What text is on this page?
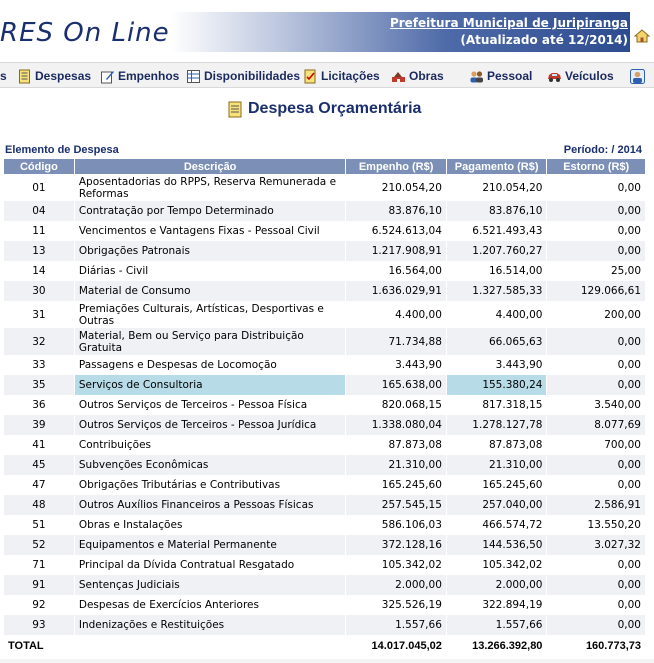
RES On Line	Prefeitura Municipal de Juripiranga
(Atualizado até 12/2014)
s Despesas Empenhos Disponibilidades Licitações Obras	Pessoal	Veículos
Despesa Orçamentária
Elemento de Despesa	Período: / 2014
Código	Descrição	Empenho (R$)	Pagamento (R$)	Estorno (R$)
01	Aposentadorias do RPPS, Reserva Remunerada e Reformas	210.054,20	210.054,20	0,00
04	Contratação por Tempo Determinado	83.876,10	83.876,10	0,00
11	Vencimentos e Vantagens Fixas - Pessoal Civil	6.524.613,04	6.521.493,43	0,00
13	Obrigações Patronais	1.217.908,91	1.207.760,27	0,00
14	Diárias - Civil	16.564,00	16.514,00	25,00
30	Material de Consumo	1.636.029,91	1.327.585,33	129.066,61
31	Premiações Culturais, Artísticas, Desportivas e Outras	4.400,00	4.400,00	200,00
32	Material, Bem ou Serviço para Distribuição Gratuita	71.734,88	66.065,63	0,00
33	Passagens e Despesas de Locomoção	3.443,90	3.443,90	0,00
35	Serviços de Consultoria	165.638,00	155.380,24	0,00
36	Outros Serviços de Terceiros - Pessoa Física	820.068,15	817.318,15	3.540,00
39	Outros Serviços de Terceiros - Pessoa Jurídica	1.338.080,04	1.278.127,78	8.077,69
41	Contribuições	87.873,08	87.873,08	700,00
45	Subvenções Econômicas	21.310,00	21.310,00	0,00
47	Obrigações Tributárias e Contributivas	165.245,60	165.245,60	0,00
48	Outros Auxílios Financeiros a Pessoas Físicas	257.545,15	257.040,00	2.586,91
51	Obras e Instalações	586.106,03	466.574,72	13.550,20
52	Equipamentos e Material Permanente	372.128,16	144.536,50	3.027,32
71	Principal da Dívida Contratual Resgatado	105.342,02	105.342,02	0,00
91	Sentenças Judiciais	2.000,00	2.000,00	0,00
92	Despesas de Exercícios Anteriores	325.526,19	322.894,19	0,00
93	Indenizações e Restituições	1.557,66	1.557,66	0,00
TOTAL		14.017.045,02	13.266.392,80	160.773,73
